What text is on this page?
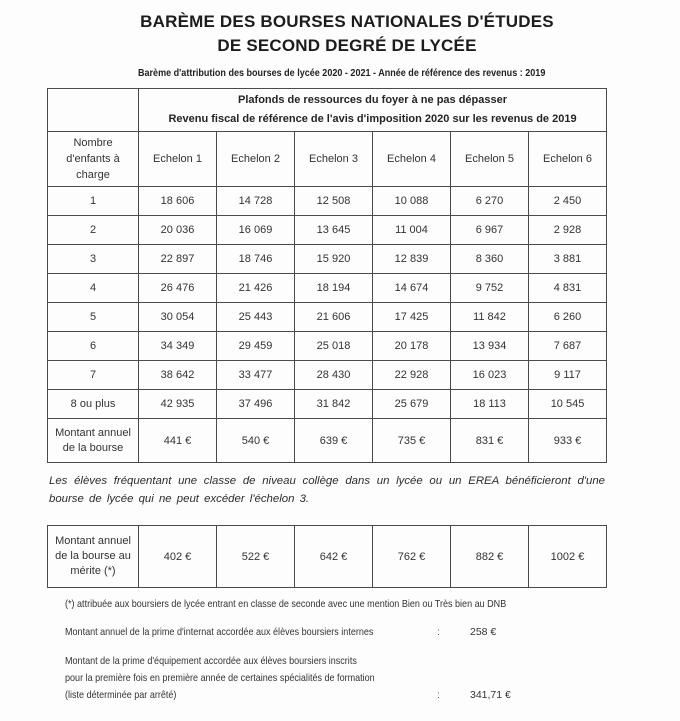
BARÈME DES BOURSES NATIONALES D'ÉTUDES
DE SECOND DEGRÉ DE LYCÉE
Barème d'attribution des bourses de lycée 2020 - 2021 - Année de référence des revenus : 2019

	Plafonds de ressources du foyer à ne pas dépasser
Revenu fiscal de référence de l'avis d'imposition 2020 sur les revenus de 2019					

Nombre d'enfants à charge	Echelon 1	Echelon 2	Echelon 3	Echelon 4	Echelon 5	Echelon 6
1	18 606	14 728	12 508	10 088	6 270	2 450
2	20 036	16 069	13 645	11 004	6 967	2 928
3	22 897	18 746	15 920	12 839	8 360	3 881
4	26 476	21 426	18 194	14 674	9 752	4 831
5	30 054	25 443	21 606	17 425	11 842	6 260
6	34 349	29 459	25 018	20 178	13 934	7 687
7	38 642	33 477	28 430	22 928	16 023	9 117
8 ou plus	42 935	37 496	31 842	25 679	18 113	10 545
Montant annuel de la bourse	441 €	540 €	639 €	735 €	831 €	933 €
Les élèves fréquentant une classe de niveau collège dans un lycée ou un EREA bénéficieront d'une bourse de lycée qui ne peut excéder l'échelon 3.
Montant annuel de la bourse au mérite (*)	402 €	522 €	642 €	762 €	882 €	1002 €
(*) attribuée aux boursiers de lycée entrant en classe de seconde avec une mention Bien ou Très bien au DNB
Montant annuel de la prime d'internat accordée aux élèves boursiers internes	:	258 €
Montant de la prime d'équipement accordée aux élèves boursiers inscrits
pour la première fois en première année de certaines spécialités de formation
(liste déterminée par arrêté)	:	341,71 €
